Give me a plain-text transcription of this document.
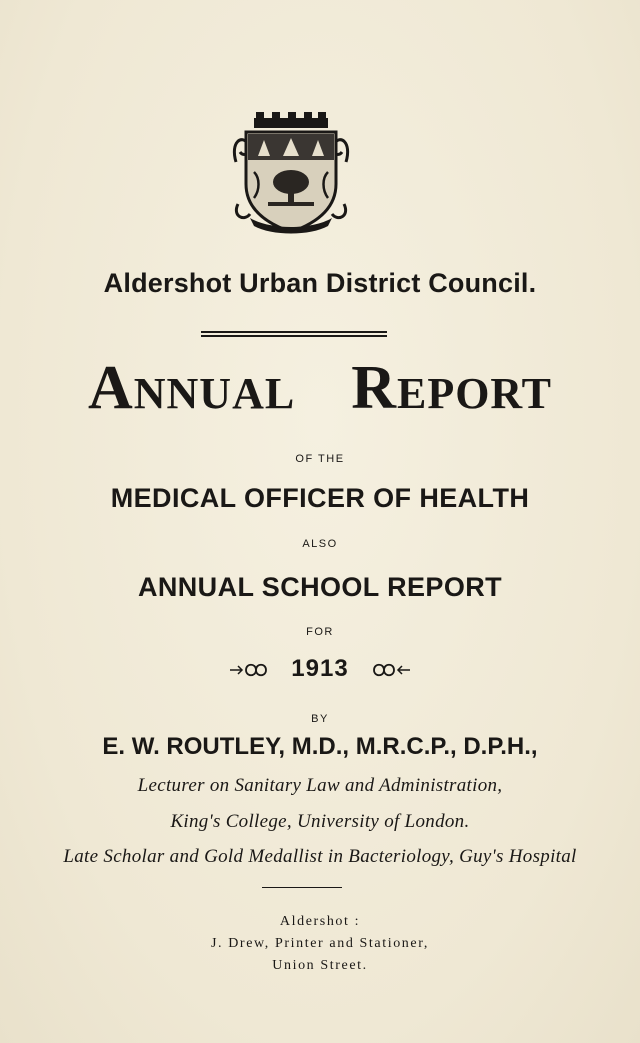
Aldershot Urban District Council.
ANNUAL REPORT
OF THE
MEDICAL OFFICER OF HEALTH
ALSO
ANNUAL SCHOOL REPORT
FOR
1913
BY
E. W. ROUTLEY, M.D., M.R.C.P., D.P.H.,
Lecturer on Sanitary Law and Administration,
King's College, University of London.
Late Scholar and Gold Medallist in Bacteriology, Guy's Hospital
Aldershot :
J. Drew, Printer and Stationer,
Union Street.
